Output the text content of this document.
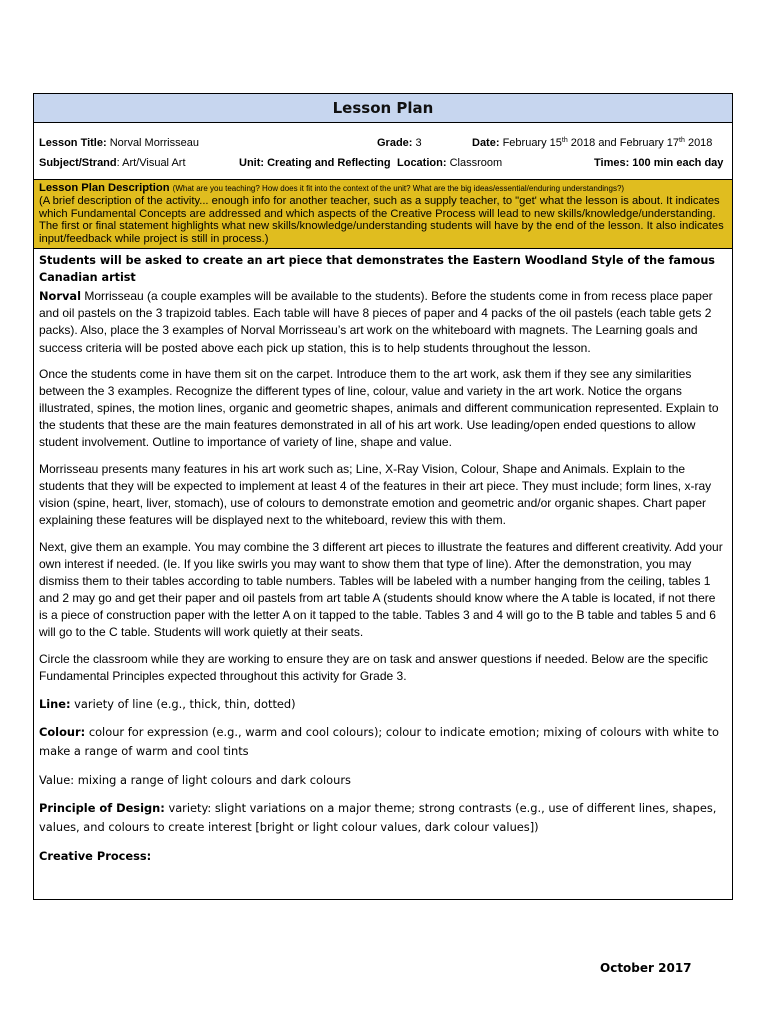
Lesson Plan
Lesson Title: Norval Morrisseau	Grade: 3	Date: February 15th 2018 and February 17th 2018
Subject/Strand: Art/Visual Art	Unit: Creating and Reflecting Location: Classroom	Times: 100 min each day
Lesson Plan Description (What are you teaching? How does it fit into the context of the unit? What are the big ideas/essential/enduring understandings?)
(A brief description of the activity... enough info for another teacher, such as a supply teacher, to "get' what the lesson is about. It indicates which Fundamental Concepts are addressed and which aspects of the Creative Process will lead to new skills/knowledge/understanding. The first or final statement highlights what new skills/knowledge/understanding students will have by the end of the lesson. It also indicates input/feedback while project is still in process.)

Students will be asked to create an art piece that demonstrates the Eastern Woodland Style of the famous Canadian artist

Norval Morrisseau (a couple examples will be available to the students). Before the students come in from recess place paper and oil pastels on the 3 trapizoid tables. Each table will have 8 pieces of paper and 4 packs of the oil pastels (each table gets 2 packs). Also, place the 3 examples of Norval Morrisseau’s art work on the whiteboard with magnets. The Learning goals and success criteria will be posted above each pick up station, this is to help students throughout the lesson.

Once the students come in have them sit on the carpet. Introduce them to the art work, ask them if they see any similarities between the 3 examples. Recognize the different types of line, colour, value and variety in the art work. Notice the organs illustrated, spines, the motion lines, organic and geometric shapes, animals and different communication represented. Explain to the students that these are the main features demonstrated in all of his art work. Use leading/open ended questions to allow student involvement. Outline to importance of variety of line, shape and value.

Morrisseau presents many features in his art work such as; Line, X-Ray Vision, Colour, Shape and Animals. Explain to the students that they will be expected to implement at least 4 of the features in their art piece. They must include; form lines, x-ray vision (spine, heart, liver, stomach), use of colours to demonstrate emotion and geometric and/or organic shapes. Chart paper explaining these features will be displayed next to the whiteboard, review this with them.

Next, give them an example. You may combine the 3 different art pieces to illustrate the features and different creativity. Add your own interest if needed. (Ie. If you like swirls you may want to show them that type of line). After the demonstration, you may dismiss them to their tables according to table numbers. Tables will be labeled with a number hanging from the ceiling, tables 1 and 2 may go and get their paper and oil pastels from art table A (students should know where the A table is located, if not there is a piece of construction paper with the letter A on it tapped to the table. Tables 3 and 4 will go to the B table and tables 5 and 6 will go to the C table. Students will work quietly at their seats.

Circle the classroom while they are working to ensure they are on task and answer questions if needed. Below are the specific Fundamental Principles expected throughout this activity for Grade 3.

Line: variety of line (e.g., thick, thin, dotted)

Colour: colour for expression (e.g., warm and cool colours); colour to indicate emotion; mixing of colours with white to make a range of warm and cool tints

Value: mixing a range of light colours and dark colours

Principle of Design: variety: slight variations on a major theme; strong contrasts (e.g., use of different lines, shapes, values, and colours to create interest [bright or light colour values, dark colour values])

Creative Process:

October 2017
